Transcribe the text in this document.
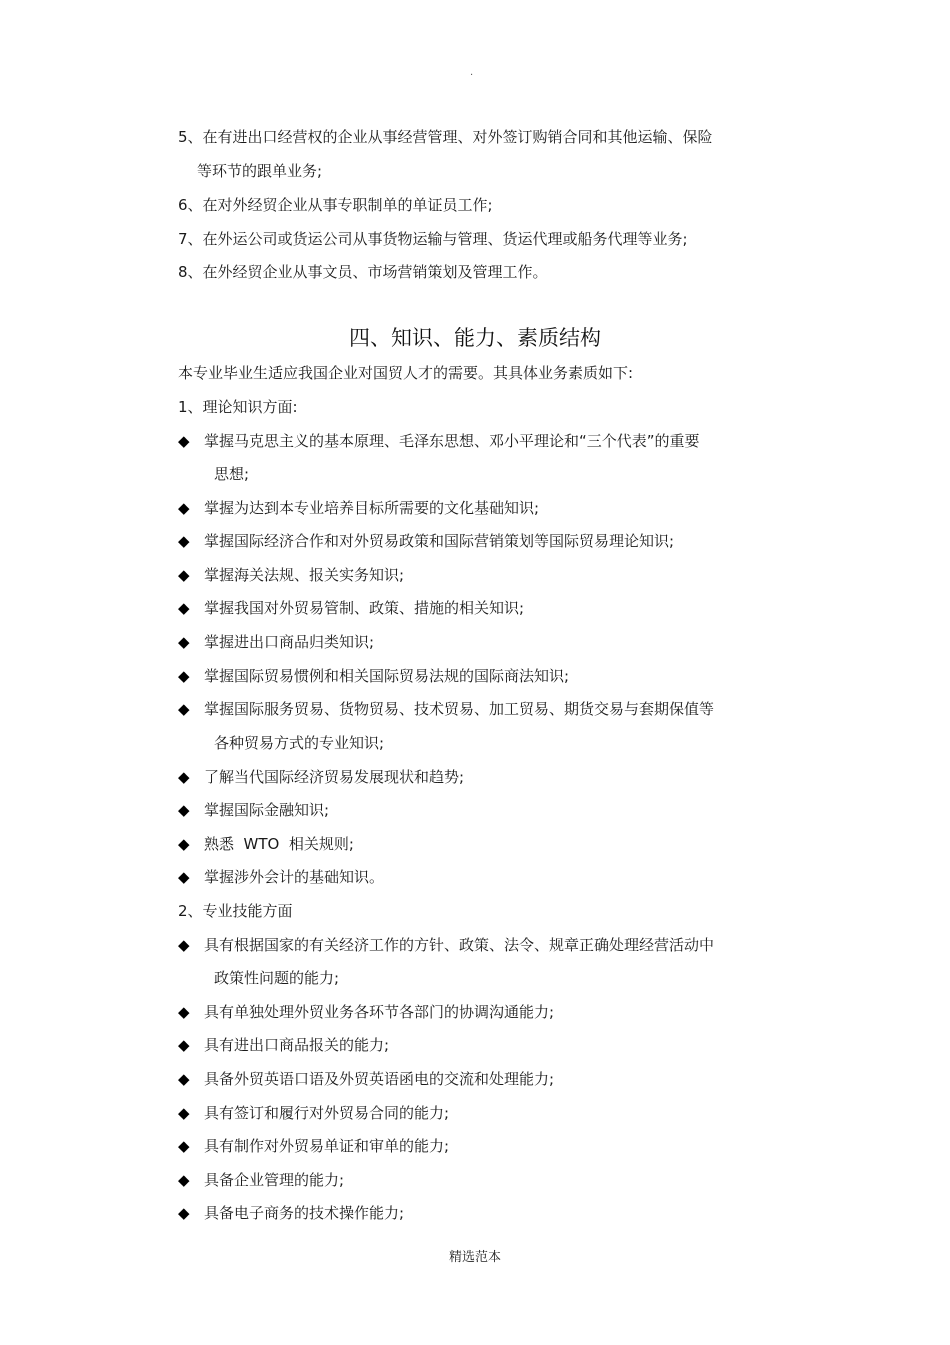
·
5、在有进出口经营权的企业从事经营管理、对外签订购销合同和其他运输、保险
等环节的跟单业务;
6、在对外经贸企业从事专职制单的单证员工作;
7、在外运公司或货运公司从事货物运输与管理、货运代理或船务代理等业务;
8、在外经贸企业从事文员、市场营销策划及管理工作。
四、知识、能力、素质结构
本专业毕业生适应我国企业对国贸人才的需要。其具体业务素质如下:
1、理论知识方面:
◆ 掌握马克思主义的基本原理、毛泽东思想、邓小平理论和“三个代表”的重要
思想;
◆ 掌握为达到本专业培养目标所需要的文化基础知识;
◆ 掌握国际经济合作和对外贸易政策和国际营销策划等国际贸易理论知识;
◆ 掌握海关法规、报关实务知识;
◆ 掌握我国对外贸易管制、政策、措施的相关知识;
◆ 掌握进出口商品归类知识;
◆ 掌握国际贸易惯例和相关国际贸易法规的国际商法知识;
◆ 掌握国际服务贸易、货物贸易、技术贸易、加工贸易、期货交易与套期保值等
各种贸易方式的专业知识;
◆ 了解当代国际经济贸易发展现状和趋势;
◆ 掌握国际金融知识;
◆ 熟悉  WTO  相关规则;
◆ 掌握涉外会计的基础知识。
2、专业技能方面
◆ 具有根据国家的有关经济工作的方针、政策、法令、规章正确处理经营活动中
政策性问题的能力;
◆ 具有单独处理外贸业务各环节各部门的协调沟通能力;
◆ 具有进出口商品报关的能力;
◆ 具备外贸英语口语及外贸英语函电的交流和处理能力;
◆ 具有签订和履行对外贸易合同的能力;
◆ 具有制作对外贸易单证和审单的能力;
◆ 具备企业管理的能力;
◆ 具备电子商务的技术操作能力;
精选范本
